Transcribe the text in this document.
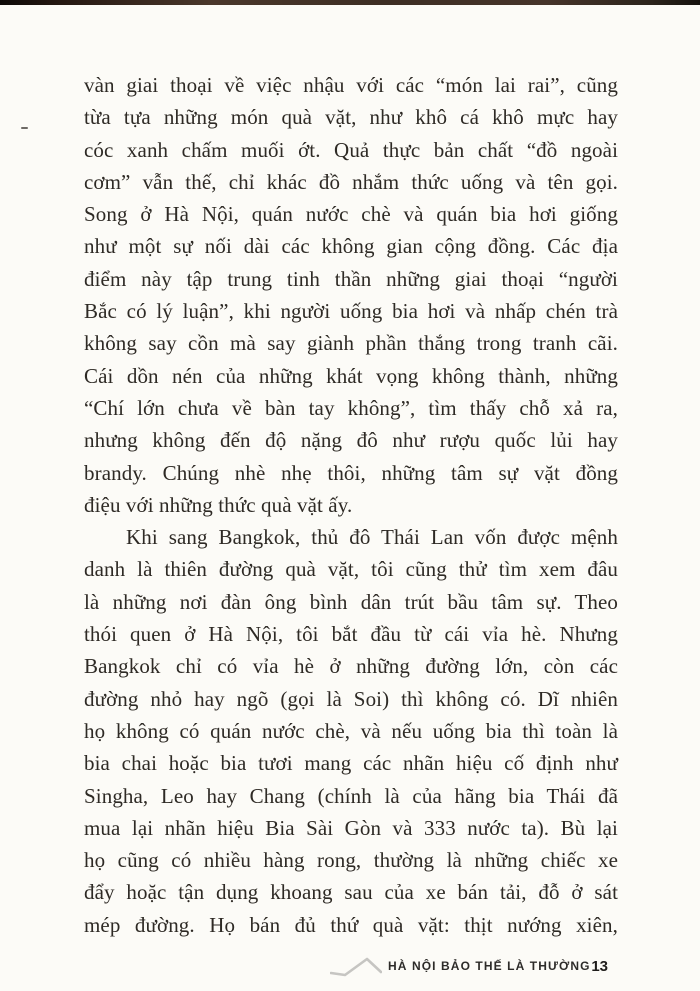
vàn giai thoại về việc nhậu với các “món lai rai”, cũng
từa tựa những món quà vặt, như khô cá khô mực hay
cóc xanh chấm muối ớt. Quả thực bản chất “đồ ngoài
cơm” vẫn thế, chỉ khác đồ nhắm thức uống và tên gọi.
Song ở Hà Nội, quán nước chè và quán bia hơi giống
như một sự nối dài các không gian cộng đồng. Các địa
điểm này tập trung tinh thần những giai thoại “người
Bắc có lý luận”, khi người uống bia hơi và nhấp chén trà
không say cồn mà say giành phần thắng trong tranh cãi.
Cái dồn nén của những khát vọng không thành, những
“Chí lớn chưa về bàn tay không”, tìm thấy chỗ xả ra,
nhưng không đến độ nặng đô như rượu quốc lủi hay
brandy. Chúng nhè nhẹ thôi, những tâm sự vặt đồng
điệu với những thức quà vặt ấy.
Khi sang Bangkok, thủ đô Thái Lan vốn được mệnh
danh là thiên đường quà vặt, tôi cũng thử tìm xem đâu
là những nơi đàn ông bình dân trút bầu tâm sự. Theo
thói quen ở Hà Nội, tôi bắt đầu từ cái vỉa hè. Nhưng
Bangkok chỉ có vỉa hè ở những đường lớn, còn các
đường nhỏ hay ngõ (gọi là Soi) thì không có. Dĩ nhiên
họ không có quán nước chè, và nếu uống bia thì toàn là
bia chai hoặc bia tươi mang các nhãn hiệu cố định như
Singha, Leo hay Chang (chính là của hãng bia Thái đã
mua lại nhãn hiệu Bia Sài Gòn và 333 nước ta). Bù lại
họ cũng có nhiều hàng rong, thường là những chiếc xe
đẩy hoặc tận dụng khoang sau của xe bán tải, đỗ ở sát
mép đường. Họ bán đủ thứ quà vặt: thịt nướng xiên,
HÀ NỘI BẢO THẾ LÀ THƯỜNG 13
